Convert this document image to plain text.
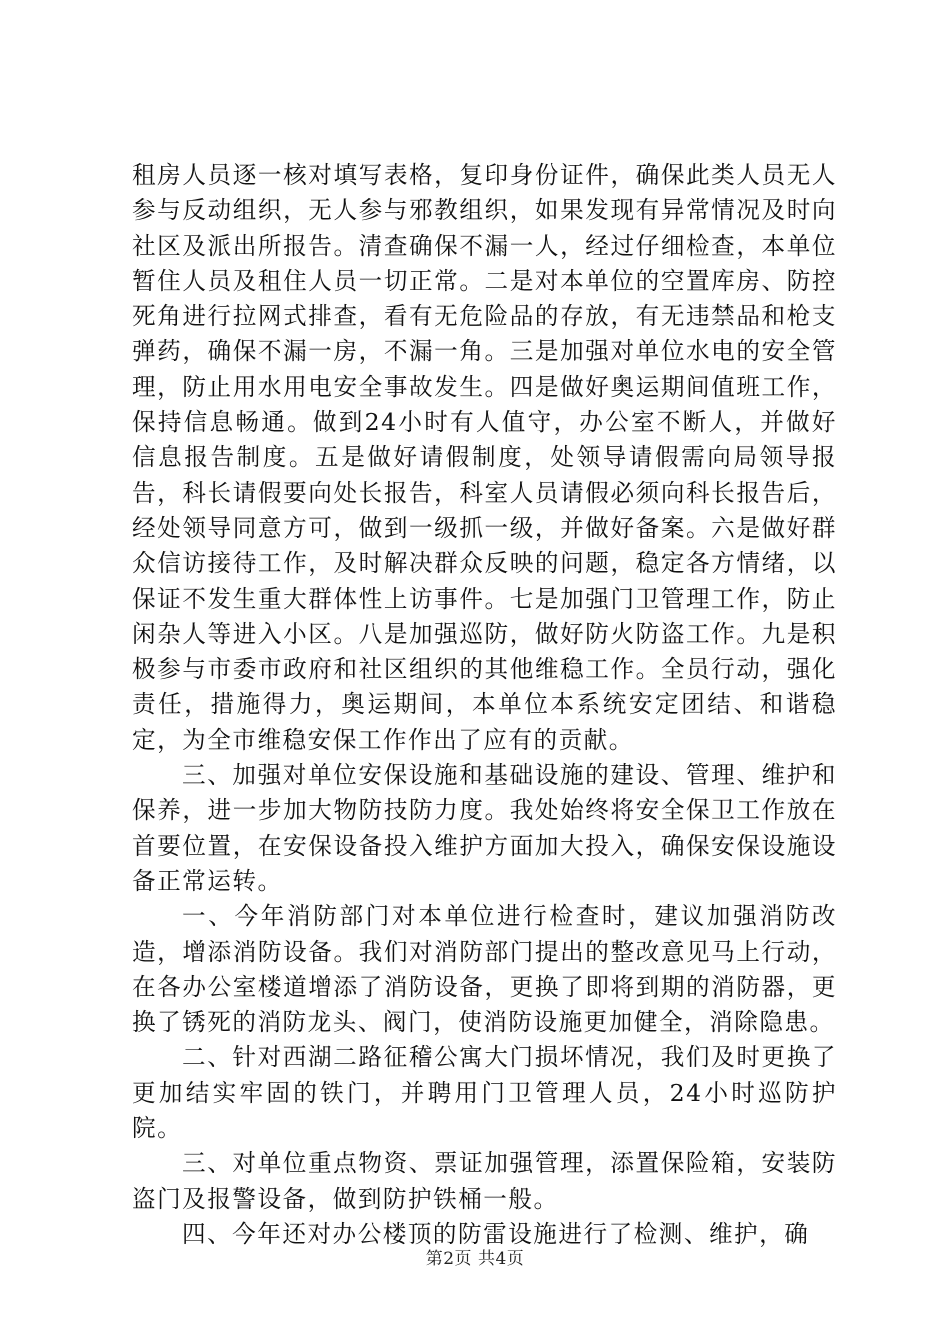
租房人员逐一核对填写表格，复印身份证件，确保此类人员无人参与反动组织，无人参与邪教组织，如果发现有异常情况及时向社区及派出所报告。清查确保不漏一人，经过仔细检查，本单位暂住人员及租住人员一切正常。二是对本单位的空置库房、防控死角进行拉网式排查，看有无危险品的存放，有无违禁品和枪支弹药，确保不漏一房，不漏一角。三是加强对单位水电的安全管理，防止用水用电安全事故发生。四是做好奥运期间值班工作，保持信息畅通。做到24小时有人值守，办公室不断人，并做好信息报告制度。五是做好请假制度，处领导请假需向局领导报告，科长请假要向处长报告，科室人员请假必须向科长报告后，经处领导同意方可，做到一级抓一级，并做好备案。六是做好群众信访接待工作，及时解决群众反映的问题，稳定各方情绪，以保证不发生重大群体性上访事件。七是加强门卫管理工作，防止闲杂人等进入小区。八是加强巡防，做好防火防盗工作。九是积极参与市委市政府和社区组织的其他维稳工作。全员行动，强化责任，措施得力，奥运期间，本单位本系统安定团结、和谐稳定，为全市维稳安保工作作出了应有的贡献。

三、加强对单位安保设施和基础设施的建设、管理、维护和保养，进一步加大物防技防力度。我处始终将安全保卫工作放在首要位置，在安保设备投入维护方面加大投入，确保安保设施设备正常运转。

一、今年消防部门对本单位进行检查时，建议加强消防改造，增添消防设备。我们对消防部门提出的整改意见马上行动，在各办公室楼道增添了消防设备，更换了即将到期的消防器，更换了锈死的消防龙头、阀门，使消防设施更加健全，消除隐患。

二、针对西湖二路征稽公寓大门损坏情况，我们及时更换了更加结实牢固的铁门，并聘用门卫管理人员，24小时巡防护院。

三、对单位重点物资、票证加强管理，添置保险箱，安装防盗门及报警设备，做到防护铁桶一般。

四、今年还对办公楼顶的防雷设施进行了检测、维护，确

第2页 共4页
